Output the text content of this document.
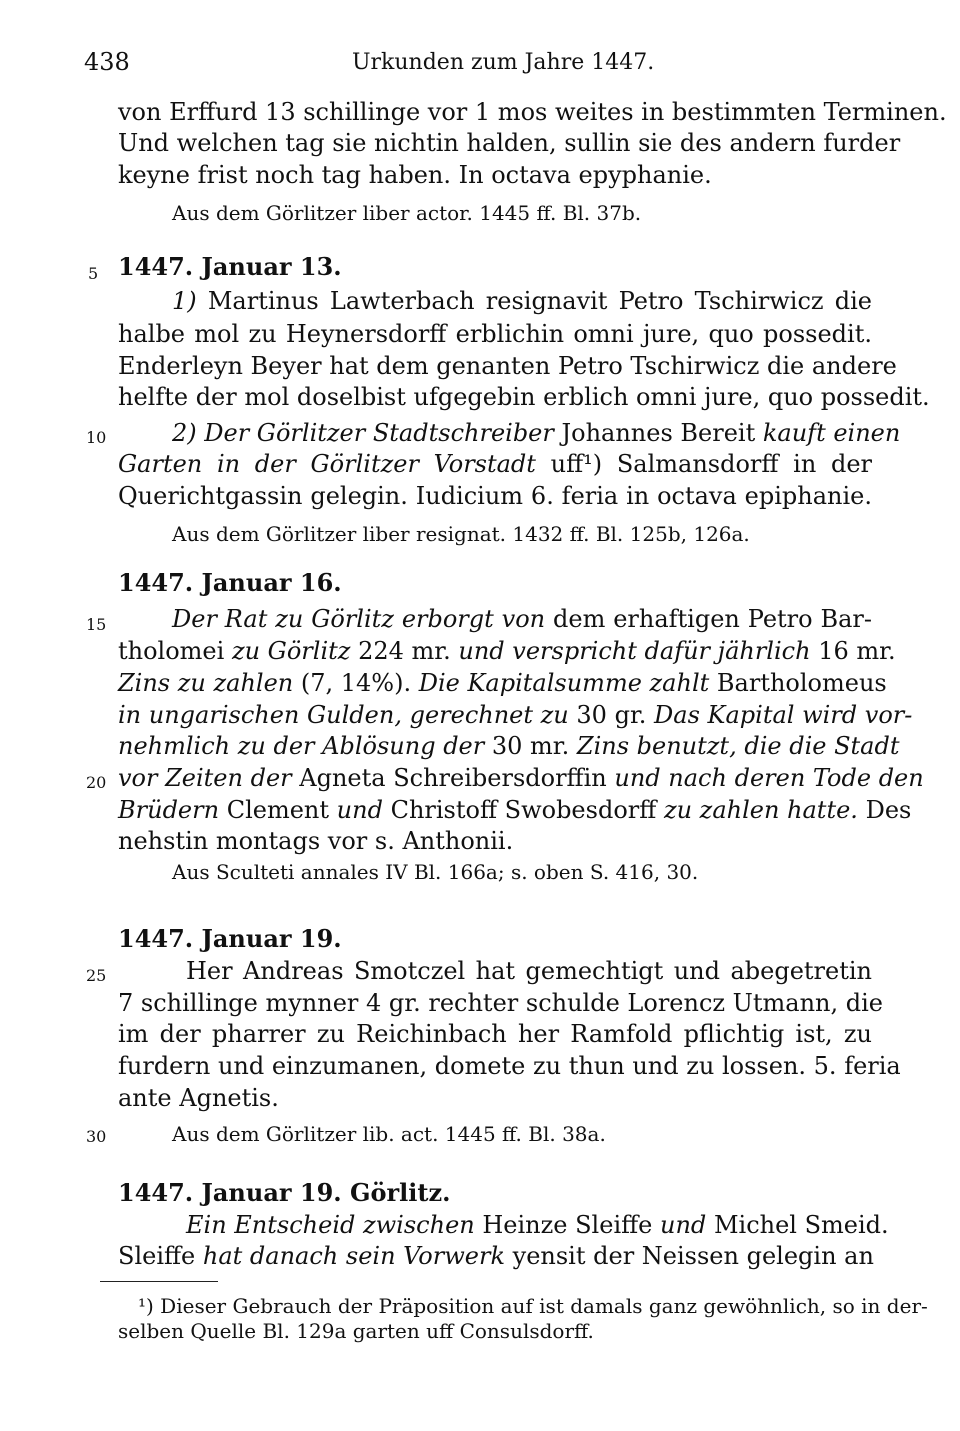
438	Urkunden zum Jahre 1447.
von Erffurd 13 schillinge vor 1 mos weites in bestimmten Terminen.
Und welchen tag sie nichtin halden, sullin sie des andern furder
keyne frist noch tag haben. In octava epyphanie.
Aus dem Görlitzer liber actor. 1445 ff. Bl. 37b.
5 1447. Januar 13.
1) Martinus Lawterbach resignavit Petro Tschirwicz die
halbe mol zu Heynersdorff erblichin omni jure, quo possedit.
Enderleyn Beyer hat dem genanten Petro Tschirwicz die andere
helfte der mol doselbist ufgegebin erblich omni jure, quo possedit.
10	2) Der Görlitzer Stadtschreiber Johannes Bereit kauft einen
Garten in der Görlitzer Vorstadt uff¹) Salmansdorff in der
Querichtgassin gelegin. Iudicium 6. feria in octava epiphanie.
Aus dem Görlitzer liber resignat. 1432 ff. Bl. 125b, 126a.
1447. Januar 16.
15	Der Rat zu Görlitz erborgt von dem erhaftigen Petro Bar-
tholomei zu Görlitz 224 mr. und verspricht dafür jährlich 16 mr.
Zins zu zahlen (7, 14%). Die Kapitalsumme zahlt Bartholomeus
in ungarischen Gulden, gerechnet zu 30 gr. Das Kapital wird vor-
nehmlich zu der Ablösung der 30 mr. Zins benutzt, die die Stadt
20 vor Zeiten der Agneta Schreibersdorffin und nach deren Tode den
Brüdern Clement und Christoff Swobesdorff zu zahlen hatte. Des
nehstin montags vor s. Anthonii.
Aus Sculteti annales IV Bl. 166a; s. oben S. 416, 30.
1447. Januar 19.
25	Her Andreas Smotczel hat gemechtigt und abegetretin
7 schillinge mynner 4 gr. rechter schulde Lorencz Utmann, die
im der pharrer zu Reichinbach her Ramfold pflichtig ist, zu
furdern und einzumanen, domete zu thun und zu lossen. 5. feria
ante Agnetis.
30	Aus dem Görlitzer lib. act. 1445 ff. Bl. 38a.
1447. Januar 19. Görlitz.
Ein Entscheid zwischen Heinze Sleiffe und Michel Smeid.
Sleiffe hat danach sein Vorwerk yensit der Neissen gelegin an
¹) Dieser Gebrauch der Präposition auf ist damals ganz gewöhnlich, so in der-
selben Quelle Bl. 129a garten uff Consulsdorff.
